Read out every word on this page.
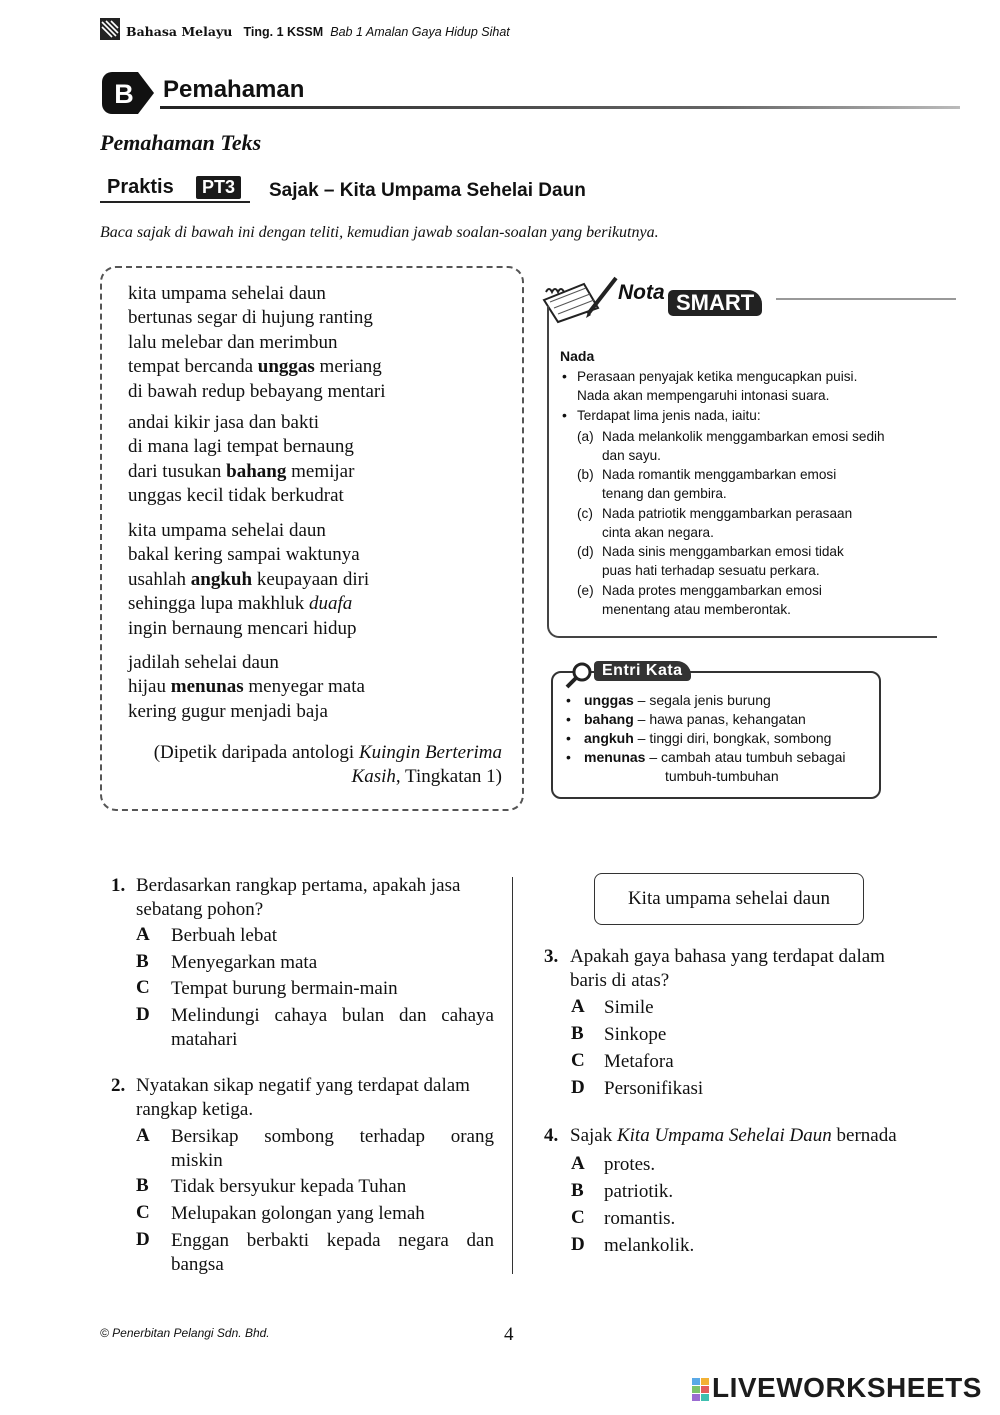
Bahasa Melayu Ting. 1 KSSM Bab 1 Amalan Gaya Hidup Sihat
B Pemahaman
Pemahaman Teks
Praktis	PT3	Sajak – Kita Umpama Sehelai Daun
Baca sajak di bawah ini dengan teliti, kemudian jawab soalan-soalan yang berikutnya.
kita umpama sehelai daun
bertunas segar di hujung ranting
lalu melebar dan merimbun
tempat bercanda unggas meriang
di bawah redup bebayang mentari
andai kikir jasa dan bakti
di mana lagi tempat bernaung
dari tusukan bahang memijar
unggas kecil tidak berkudrat
kita umpama sehelai daun
bakal kering sampai waktunya
usahlah angkuh keupayaan diri
sehingga lupa makhluk duafa
ingin bernaung mencari hidup
jadilah sehelai daun
hijau menunas menyegar mata
kering gugur menjadi baja
(Dipetik daripada antologi Kuingin Berterima
Kasih, Tingkatan 1)
Nota SMART
Nada
• Perasaan penyajak ketika mengucapkan puisi.
Nada akan mempengaruhi intonasi suara.
• Terdapat lima jenis nada, iaitu:
(a) Nada melankolik menggambarkan emosi sedih
dan sayu.
(b) Nada romantik menggambarkan emosi
tenang dan gembira.
(c) Nada patriotik menggambarkan perasaan
cinta akan negara.
(d) Nada sinis menggambarkan emosi tidak
puas hati terhadap sesuatu perkara.
(e) Nada protes menggambarkan emosi
menentang atau memberontak.
Entri Kata
• unggas – segala jenis burung
• bahang – hawa panas, kehangatan
• angkuh – tinggi diri, bongkak, sombong
• menunas – cambah atau tumbuh sebagai
tumbuh-tumbuhan
1. Berdasarkan rangkap pertama, apakah jasa
sebatang pohon?
A Berbuah lebat
B Menyegarkan mata
C Tempat burung bermain-main
D Melindungi cahaya bulan dan cahaya
matahari
2. Nyatakan sikap negatif yang terdapat dalam
rangkap ketiga.
A Bersikap sombong terhadap orang
miskin
B Tidak bersyukur kepada Tuhan
C Melupakan golongan yang lemah
D Enggan berbakti kepada negara dan
bangsa
Kita umpama sehelai daun
3. Apakah gaya bahasa yang terdapat dalam
baris di atas?
A Simile
B Sinkope
C Metafora
D Personifikasi
4. Sajak Kita Umpama Sehelai Daun bernada
A protes.
B patriotik.
C romantis.
D melankolik.
© Penerbitan Pelangi Sdn. Bhd.	4
LIVEWORKSHEETS
